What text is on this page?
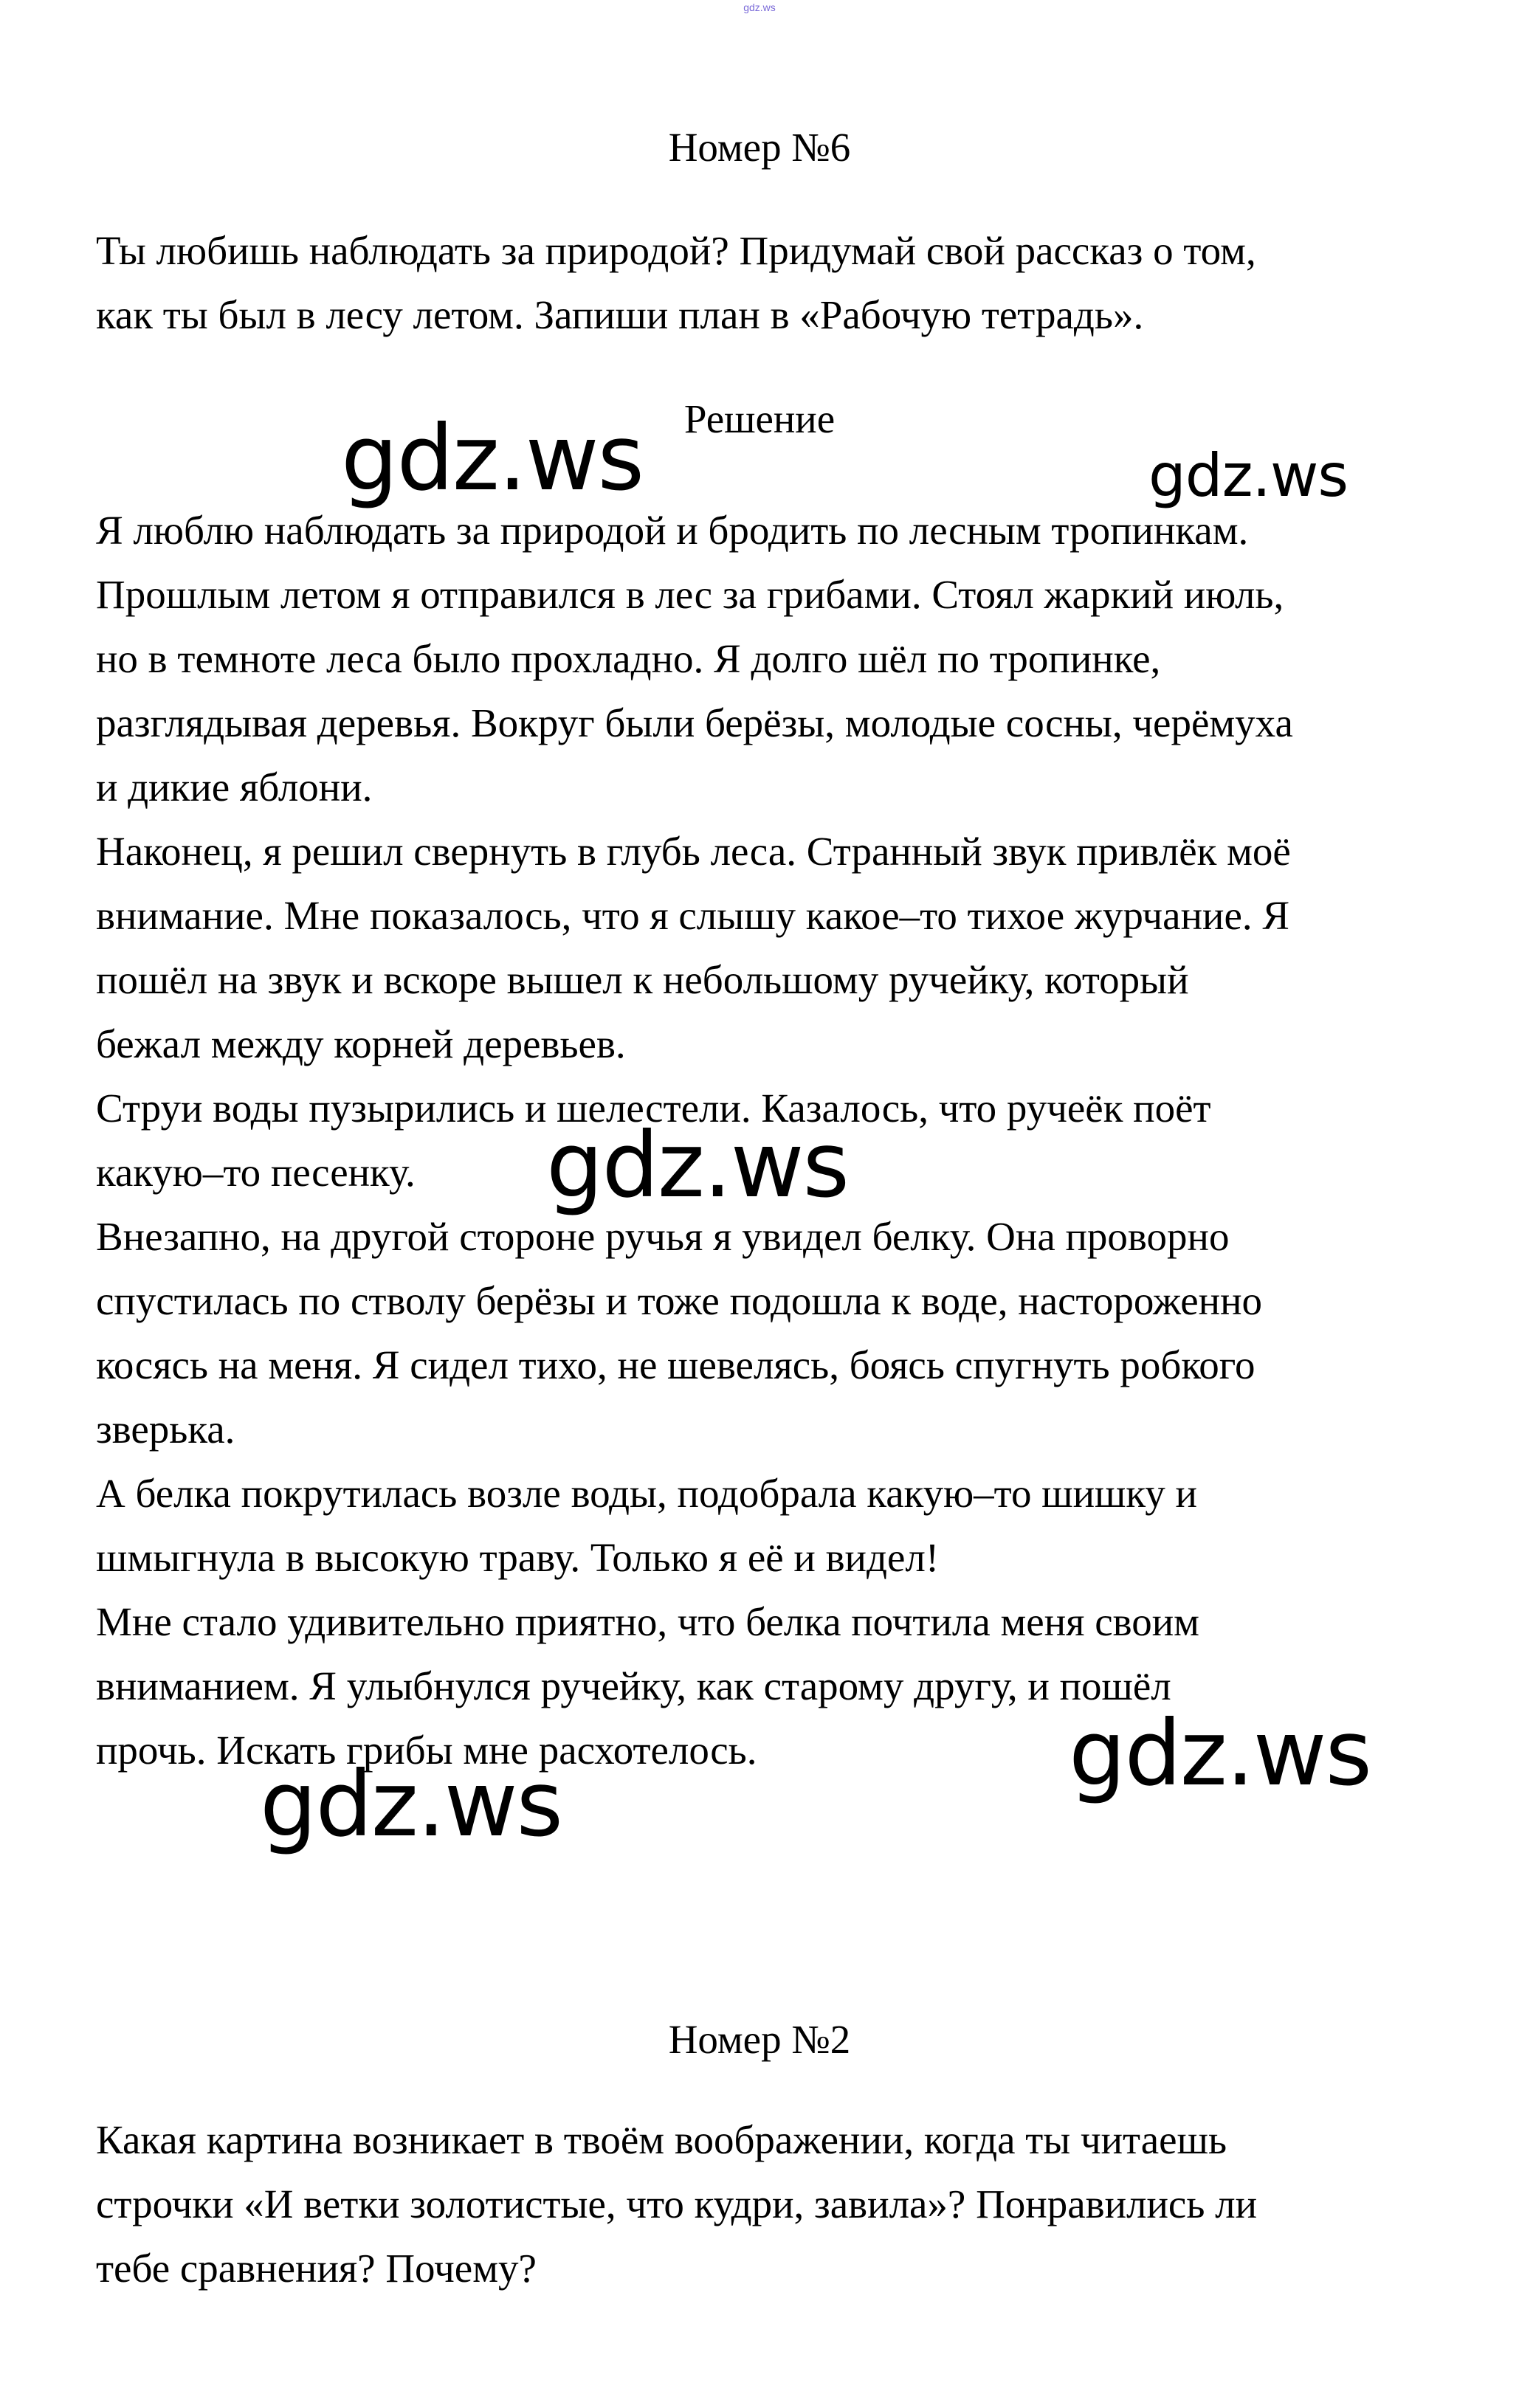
gdz.ws
Номер №6

Ты любишь наблюдать за природой? Придумай свой рассказ о том,
как ты был в лесу летом. Запиши план в «Рабочую тетрадь».

Решение

Я люблю наблюдать за природой и бродить по лесным тропинкам.
Прошлым летом я отправился в лес за грибами. Стоял жаркий июль,
но в темноте леса было прохладно. Я долго шёл по тропинке,
разглядывая деревья. Вокруг были берёзы, молодые сосны, черёмуха
и дикие яблони.
Наконец, я решил свернуть в глубь леса. Странный звук привлёк моё
внимание. Мне показалось, что я слышу какое–то тихое журчание. Я
пошёл на звук и вскоре вышел к небольшому ручейку, который
бежал между корней деревьев.
Струи воды пузырились и шелестели. Казалось, что ручеёк поёт
какую–то песенку.
Внезапно, на другой стороне ручья я увидел белку. Она проворно
спустилась по стволу берёзы и тоже подошла к воде, настороженно
косясь на меня. Я сидел тихо, не шевелясь, боясь спугнуть робкого
зверька.
А белка покрутилась возле воды, подобрала какую–то шишку и
шмыгнула в высокую траву. Только я её и видел!
Мне стало удивительно приятно, что белка почтила меня своим
вниманием. Я улыбнулся ручейку, как старому другу, и пошёл
прочь. Искать грибы мне расхотелось.

Номер №2

Какая картина возникает в твоём воображении, когда ты читаешь
строчки «И ветки золотистые, что кудри, завила»? Понравились ли
тебе сравнения? Почему?

gdz.ws	gdz.ws
gdz.ws
gdz.ws
gdz.ws
